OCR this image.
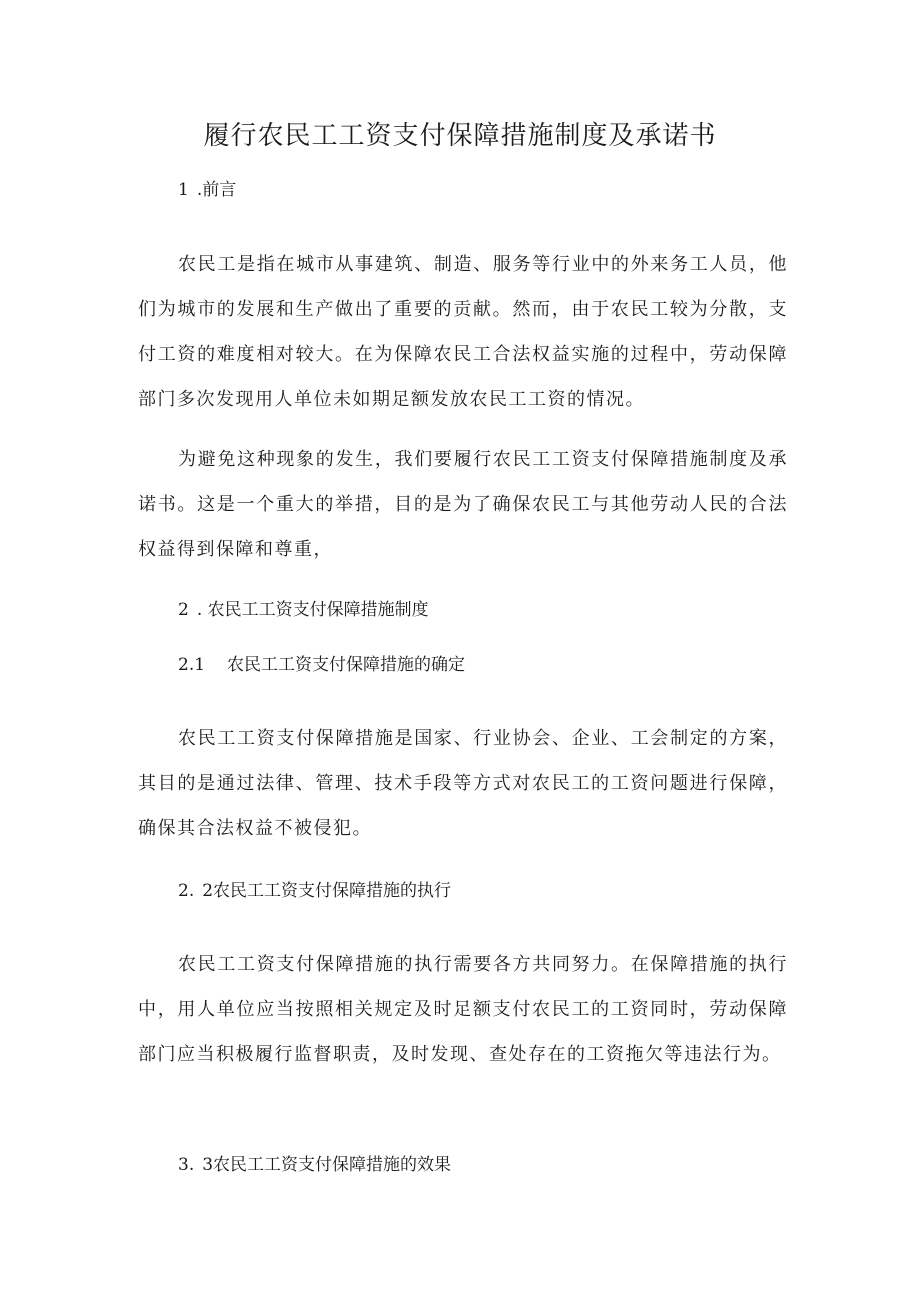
履行农民工工资支付保障措施制度及承诺书

1 .前言

农民工是指在城市从事建筑、制造、服务等行业中的外来务工人员，他们为城市的发展和生产做出了重要的贡献。然而，由于农民工较为分散，支付工资的难度相对较大。在为保障农民工合法权益实施的过程中，劳动保障部门多次发现用人单位未如期足额发放农民工工资的情况。

为避免这种现象的发生，我们要履行农民工工资支付保障措施制度及承诺书。这是一个重大的举措，目的是为了确保农民工与其他劳动人民的合法权益得到保障和尊重，

2 . 农民工工资支付保障措施制度

2.1 农民工工资支付保障措施的确定

农民工工资支付保障措施是国家、行业协会、企业、工会制定的方案，其目的是通过法律、管理、技术手段等方式对农民工的工资问题进行保障，确保其合法权益不被侵犯。

2. 2农民工工资支付保障措施的执行

农民工工资支付保障措施的执行需要各方共同努力。在保障措施的执行中，用人单位应当按照相关规定及时足额支付农民工的工资同时，劳动保障部门应当积极履行监督职责，及时发现、查处存在的工资拖欠等违法行为。

3. 3农民工工资支付保障措施的效果
